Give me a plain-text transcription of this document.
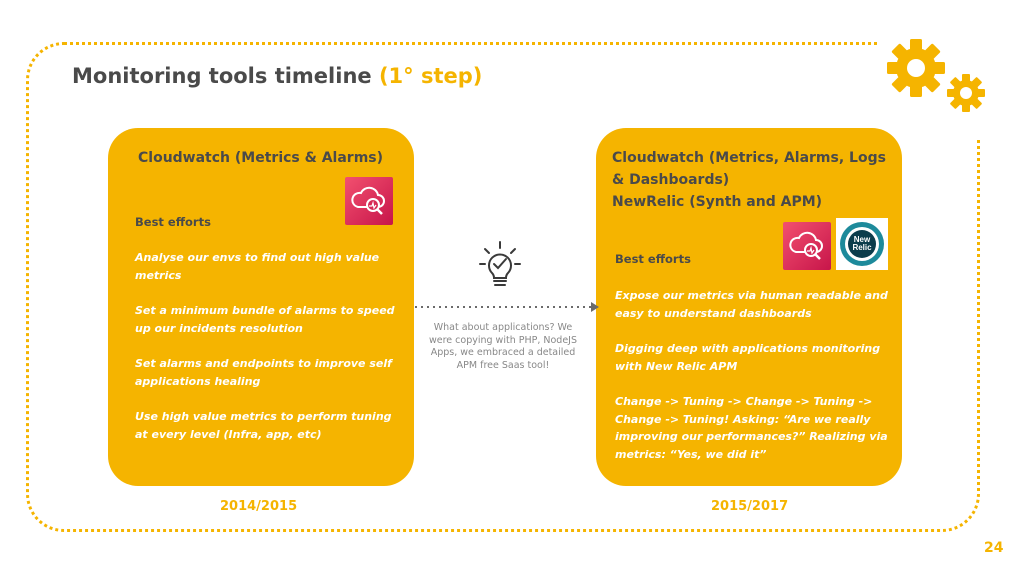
Monitoring tools timeline (1° step)
Cloudwatch (Metrics & Alarms)
Best efforts

Analyse our envs to find out high value metrics

Set a minimum bundle of alarms to speed up our incidents resolution

Set alarms and endpoints to improve self applications healing

Use high value metrics to perform tuning at every level (Infra, app, etc)

Cloudwatch (Metrics, Alarms, Logs
& Dashboards)
NewRelic (Synth and APM)
New
Relic
Best efforts

Expose our metrics via human readable and easy to understand dashboards

Digging deep with applications monitoring with New Relic APM

Change -> Tuning -> Change -> Tuning -> Change -> Tuning! Asking: “Are we really improving our performances?” Realizing via metrics: “Yes, we did it”

What about applications? We were copying with PHP, NodeJS Apps, we embraced a detailed APM free Saas tool!
2014/2015	2015/2017
24
